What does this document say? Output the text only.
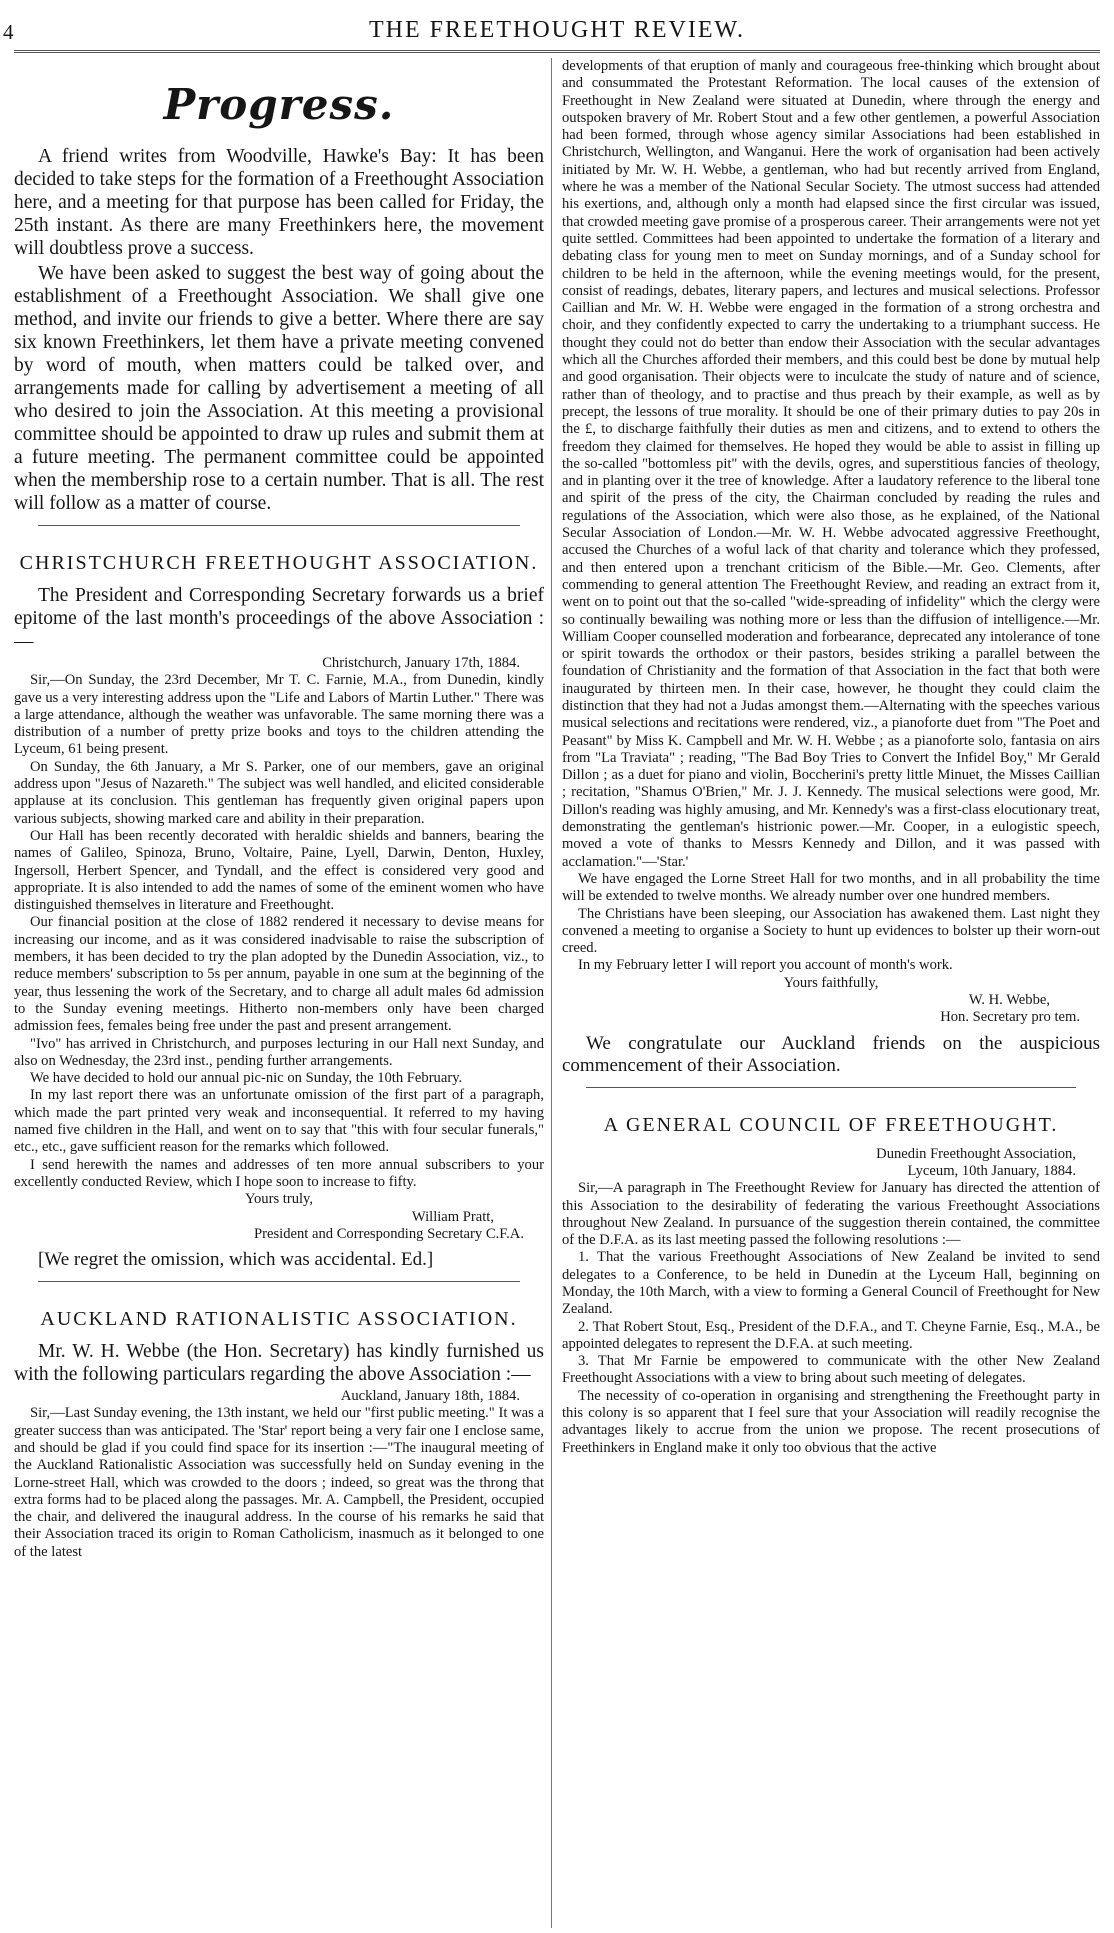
4	THE FREETHOUGHT REVIEW.
Progress.

A friend writes from Woodville, Hawke's Bay: It has been decided to take steps for the formation of a Freethought Association here, and a meeting for that purpose has been called for Friday, the 25th instant. As there are many Freethinkers here, the movement will doubtless prove a success.

We have been asked to suggest the best way of going about the establishment of a Freethought Association. We shall give one method, and invite our friends to give a better. Where there are say six known Freethinkers, let them have a private meeting convened by word of mouth, when matters could be talked over, and arrangements made for calling by advertisement a meeting of all who desired to join the Association. At this meeting a provisional committee should be appointed to draw up rules and submit them at a future meeting. The permanent committee could be appointed when the membership rose to a certain number. That is all. The rest will follow as a matter of course.

CHRISTCHURCH FREETHOUGHT ASSOCIATION.

The President and Corresponding Secretary forwards us a brief epitome of the last month's proceedings of the above Association :—

Christchurch, January 17th, 1884.

Sir,—On Sunday, the 23rd December, Mr T. C. Farnie, M.A., from Dunedin, kindly gave us a very interesting address upon the "Life and Labors of Martin Luther." There was a large attendance, although the weather was unfavorable. The same morning there was a distribution of a number of pretty prize books and toys to the children attending the Lyceum, 61 being present.

On Sunday, the 6th January, a Mr S. Parker, one of our members, gave an original address upon "Jesus of Nazareth." The subject was well handled, and elicited considerable applause at its conclusion. This gentleman has frequently given original papers upon various subjects, showing marked care and ability in their preparation.

Our Hall has been recently decorated with heraldic shields and banners, bearing the names of Galileo, Spinoza, Bruno, Voltaire, Paine, Lyell, Darwin, Denton, Huxley, Ingersoll, Herbert Spencer, and Tyndall, and the effect is considered very good and appropriate. It is also intended to add the names of some of the eminent women who have distinguished themselves in literature and Freethought.

Our financial position at the close of 1882 rendered it necessary to devise means for increasing our income, and as it was considered inadvisable to raise the subscription of members, it has been decided to try the plan adopted by the Dunedin Association, viz., to reduce members' subscription to 5s per annum, payable in one sum at the beginning of the year, thus lessening the work of the Secretary, and to charge all adult males 6d admission to the Sunday evening meetings. Hitherto non-members only have been charged admission fees, females being free under the past and present arrangement.

"Ivo" has arrived in Christchurch, and purposes lecturing in our Hall next Sunday, and also on Wednesday, the 23rd inst., pending further arrangements.

We have decided to hold our annual pic-nic on Sunday, the 10th February.

In my last report there was an unfortunate omission of the first part of a paragraph, which made the part printed very weak and inconsequential. It referred to my having named five children in the Hall, and went on to say that "this with four secular funerals," etc., etc., gave sufficient reason for the remarks which followed.

I send herewith the names and addresses of ten more annual subscribers to your excellently conducted Review, which I hope soon to increase to fifty.

Yours truly,

William Pratt,

President and Corresponding Secretary C.F.A.

[We regret the omission, which was accidental. Ed.]

AUCKLAND RATIONALISTIC ASSOCIATION.

Mr. W. H. Webbe (the Hon. Secretary) has kindly furnished us with the following particulars regarding the above Association :—

Auckland, January 18th, 1884.

Sir,—Last Sunday evening, the 13th instant, we held our "first public meeting." It was a greater success than was anticipated. The 'Star' report being a very fair one I enclose same, and should be glad if you could find space for its insertion :—"The inaugural meeting of the Auckland Rationalistic Association was successfully held on Sunday evening in the Lorne-street Hall, which was crowded to the doors ; indeed, so great was the throng that extra forms had to be placed along the passages. Mr. A. Campbell, the President, occupied the chair, and delivered the inaugural address. In the course of his remarks he said that their Association traced its origin to Roman Catholicism, inasmuch as it belonged to one of the latest

developments of that eruption of manly and courageous free-thinking which brought about and consummated the Protestant Reformation. The local causes of the extension of Freethought in New Zealand were situated at Dunedin, where through the energy and outspoken bravery of Mr. Robert Stout and a few other gentlemen, a powerful Association had been formed, through whose agency similar Associations had been established in Christchurch, Wellington, and Wanganui. Here the work of organisation had been actively initiated by Mr. W. H. Webbe, a gentleman, who had but recently arrived from England, where he was a member of the National Secular Society. The utmost success had attended his exertions, and, although only a month had elapsed since the first circular was issued, that crowded meeting gave promise of a prosperous career. Their arrangements were not yet quite settled. Committees had been appointed to undertake the formation of a literary and debating class for young men to meet on Sunday mornings, and of a Sunday school for children to be held in the afternoon, while the evening meetings would, for the present, consist of readings, debates, literary papers, and lectures and musical selections. Professor Caillian and Mr. W. H. Webbe were engaged in the formation of a strong orchestra and choir, and they confidently expected to carry the undertaking to a triumphant success. He thought they could not do better than endow their Association with the secular advantages which all the Churches afforded their members, and this could best be done by mutual help and good organisation. Their objects were to inculcate the study of nature and of science, rather than of theology, and to practise and thus preach by their example, as well as by precept, the lessons of true morality. It should be one of their primary duties to pay 20s in the £, to discharge faithfully their duties as men and citizens, and to extend to others the freedom they claimed for themselves. He hoped they would be able to assist in filling up the so-called "bottomless pit" with the devils, ogres, and superstitious fancies of theology, and in planting over it the tree of knowledge. After a laudatory reference to the liberal tone and spirit of the press of the city, the Chairman concluded by reading the rules and regulations of the Association, which were also those, as he explained, of the National Secular Association of London.—Mr. W. H. Webbe advocated aggressive Freethought, accused the Churches of a woful lack of that charity and tolerance which they professed, and then entered upon a trenchant criticism of the Bible.—Mr. Geo. Clements, after commending to general attention The Freethought Review, and reading an extract from it, went on to point out that the so-called "wide-spreading of infidelity" which the clergy were so continually bewailing was nothing more or less than the diffusion of intelligence.—Mr. William Cooper counselled moderation and forbearance, deprecated any intolerance of tone or spirit towards the orthodox or their pastors, besides striking a parallel between the foundation of Christianity and the formation of that Association in the fact that both were inaugurated by thirteen men. In their case, however, he thought they could claim the distinction that they had not a Judas amongst them.—Alternating with the speeches various musical selections and recitations were rendered, viz., a pianoforte duet from "The Poet and Peasant" by Miss K. Campbell and Mr. W. H. Webbe ; as a pianoforte solo, fantasia on airs from "La Traviata" ; reading, "The Bad Boy Tries to Convert the Infidel Boy," Mr Gerald Dillon ; as a duet for piano and violin, Boccherini's pretty little Minuet, the Misses Caillian ; recitation, "Shamus O'Brien," Mr. J. J. Kennedy. The musical selections were good, Mr. Dillon's reading was highly amusing, and Mr. Kennedy's was a first-class elocutionary treat, demonstrating the gentleman's histrionic power.—Mr. Cooper, in a eulogistic speech, moved a vote of thanks to Messrs Kennedy and Dillon, and it was passed with acclamation."—'Star.'

We have engaged the Lorne Street Hall for two months, and in all probability the time will be extended to twelve months. We already number over one hundred members.

The Christians have been sleeping, our Association has awakened them. Last night they convened a meeting to organise a Society to hunt up evidences to bolster up their worn-out creed.

In my February letter I will report you account of month's work.

Yours faithfully,

W. H. Webbe,

Hon. Secretary pro tem.

We congratulate our Auckland friends on the auspicious commencement of their Association.

A GENERAL COUNCIL OF FREETHOUGHT.

Dunedin Freethought Association,

Lyceum, 10th January, 1884.

Sir,—A paragraph in The Freethought Review for January has directed the attention of this Association to the desirability of federating the various Freethought Associations throughout New Zealand. In pursuance of the suggestion therein contained, the committee of the D.F.A. as its last meeting passed the following resolutions :—

1. That the various Freethought Associations of New Zealand be invited to send delegates to a Conference, to be held in Dunedin at the Lyceum Hall, beginning on Monday, the 10th March, with a view to forming a General Council of Freethought for New Zealand.

2. That Robert Stout, Esq., President of the D.F.A., and T. Cheyne Farnie, Esq., M.A., be appointed delegates to represent the D.F.A. at such meeting.

3. That Mr Farnie be empowered to communicate with the other New Zealand Freethought Associations with a view to bring about such meeting of delegates.

The necessity of co-operation in organising and strengthening the Freethought party in this colony is so apparent that I feel sure that your Association will readily recognise the advantages likely to accrue from the union we propose. The recent prosecutions of Freethinkers in England make it only too obvious that the active
